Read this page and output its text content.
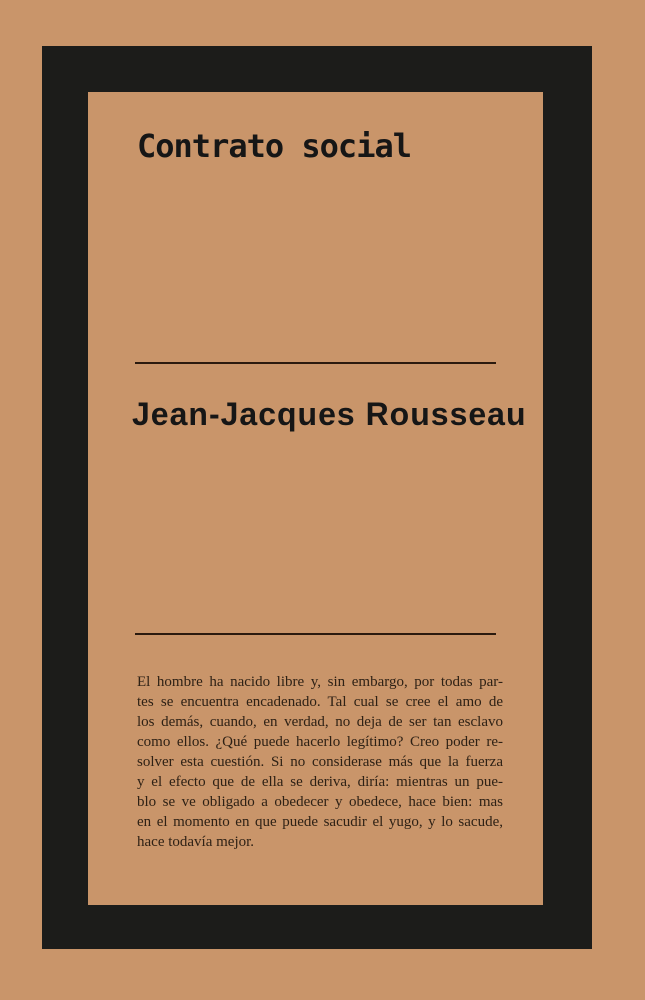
Contrato social
Jean-Jacques Rousseau
El hombre ha nacido libre y, sin embargo, por todas par-
tes se encuentra encadenado. Tal cual se cree el amo de
los demás, cuando, en verdad, no deja de ser tan esclavo
como ellos. ¿Qué puede hacerlo legítimo? Creo poder re-
solver esta cuestión. Si no considerase más que la fuerza
y el efecto que de ella se deriva, diría: mientras un pue-
blo se ve obligado a obedecer y obedece, hace bien: mas
en el momento en que puede sacudir el yugo, y lo sacude,
hace todavía mejor.
